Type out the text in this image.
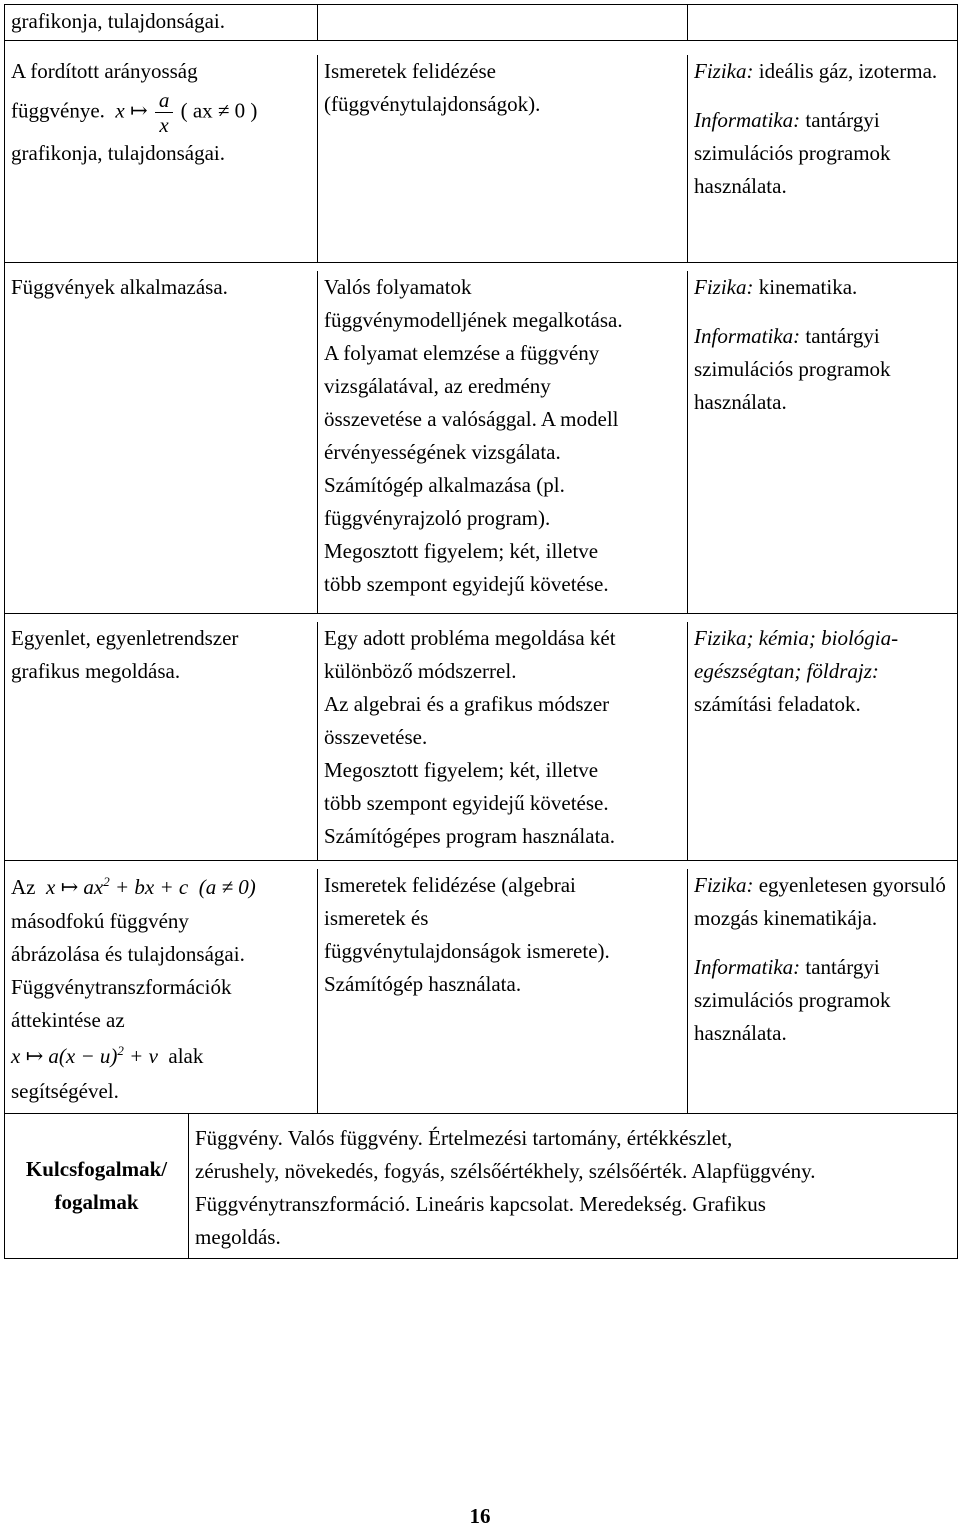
grafikonja, tulajdonságai.
A fordított arányosság
függvénye. x ↦ $\frac{a}{x}$ ( ax ≠ 0 )
grafikonja, tulajdonságai.
Ismeretek felidézése
(függvénytulajdonságok).
Fizika: ideális gáz, izoterma.
Informatika: tantárgyi szimulációs programok használata.
Függvények alkalmazása.	Valós folyamatok
függvénymodelljének megalkotása.
A folyamat elemzése a függvény
vizsgálatával, az eredmény
összevetése a valósággal. A modell
érvényességének vizsgálata.
Számítógép alkalmazása (pl.
függvényrajzoló program).
Megosztott figyelem; két, illetve
több szempont egyidejű követése.
Fizika: kinematika.
Informatika: tantárgyi szimulációs programok használata.
Egyenlet, egyenletrendszer
grafikus megoldása.
Egy adott probléma megoldása két
különböző módszerrel.
Az algebrai és a grafikus módszer
összevetése.
Megosztott figyelem; két, illetve
több szempont egyidejű követése.
Számítógépes program használata.
Fizika; kémia; biológia-egészségtan; földrajz: számítási feladatok.
Az x ↦ $ax^2$ + bx + c (a ≠ 0)
másodfokú függvény
ábrázolása és tulajdonságai.
Függvénytranszformációk
áttekintése az
x ↦ $a(x - u)^2 + v$ alak
segítségével.
Ismeretek felidézése (algebrai
ismeretek és
függvénytulajdonságok ismerete).
Számítógép használata.
Fizika: egyenletesen gyorsuló mozgás kinematikája.
Informatika: tantárgyi szimulációs programok használata.
Kulcsfogalmak/
fogalmak
Függvény. Valós függvény. Értelmezési tartomány, értékkészlet,
zérushely, növekedés, fogyás, szélsőértékhely, szélsőérték. Alapfüggvény.
Függvénytranszformáció. Lineáris kapcsolat. Meredekség. Grafikus
megoldás.
16
